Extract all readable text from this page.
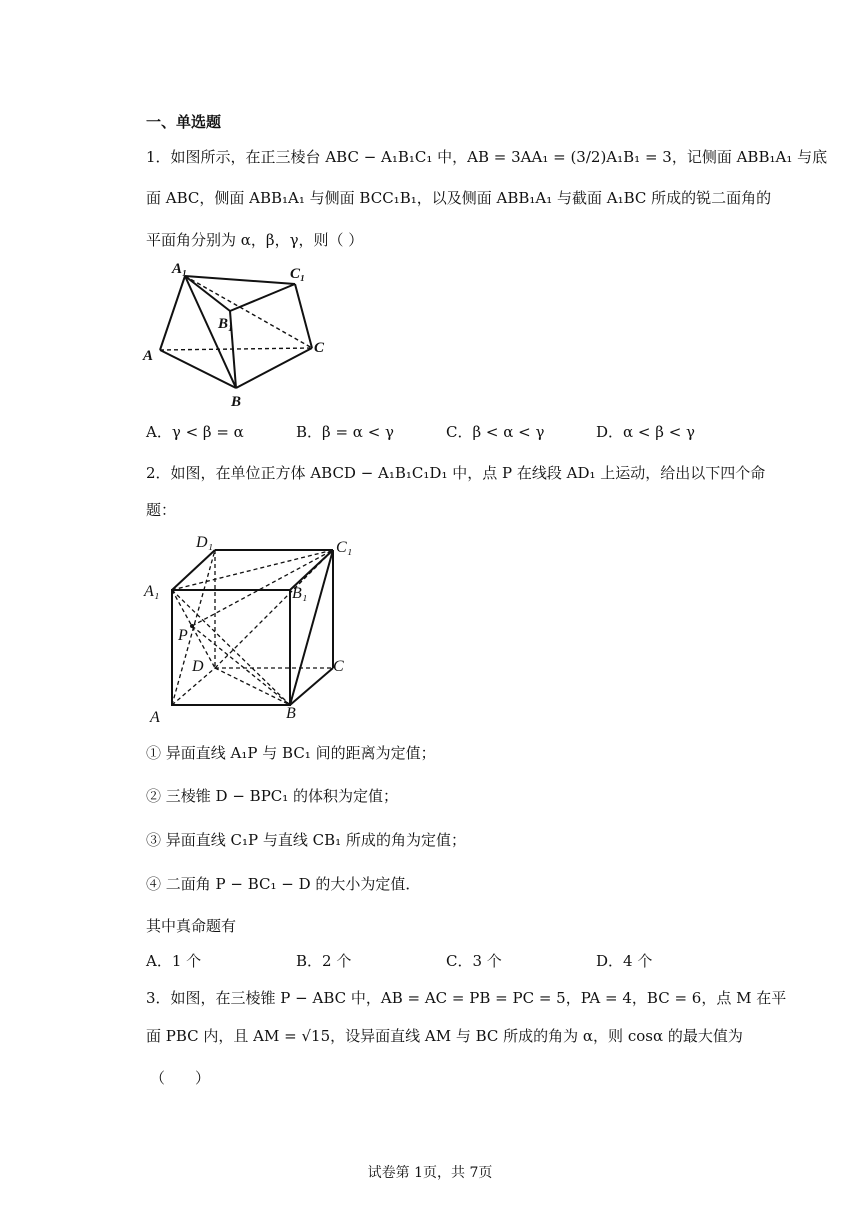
一、单选题
1．如图所示，在正三棱台 ABC − A₁B₁C₁ 中，AB = 3AA₁ = (3/2)A₁B₁ = 3，记侧面 ABB₁A₁ 与底
面 ABC，侧面 ABB₁A₁ 与侧面 BCC₁B₁，以及侧面 ABB₁A₁ 与截面 A₁BC 所成的锐二面角的
平面角分别为 α，β，γ，则（ ）
A₁	C₁
B₁
A
B
C
A．γ < β = α	B．β = α < γ	C．β < α < γ	D．α < β < γ
2．如图，在单位正方体 ABCD − A₁B₁C₁D₁ 中，点 P 在线段 AD₁ 上运动，给出以下四个命
题：
D₁	C₁
A₁	B₁
P
D	C
A	B
① 异面直线 A₁P 与 BC₁ 间的距离为定值；
② 三棱锥 D − BPC₁ 的体积为定值；
③ 异面直线 C₁P 与直线 CB₁ 所成的角为定值；
④ 二面角 P − BC₁ − D 的大小为定值．
其中真命题有
A．1 个	B．2 个	C．3 个	D．4 个
3．如图，在三棱锥 P − ABC 中，AB = AC = PB = PC = 5，PA = 4，BC = 6，点 M 在平
面 PBC 内，且 AM = √15，设异面直线 AM 与 BC 所成的角为 α，则 cosα 的最大值为
（　　）
试卷第 1页，共 7页
